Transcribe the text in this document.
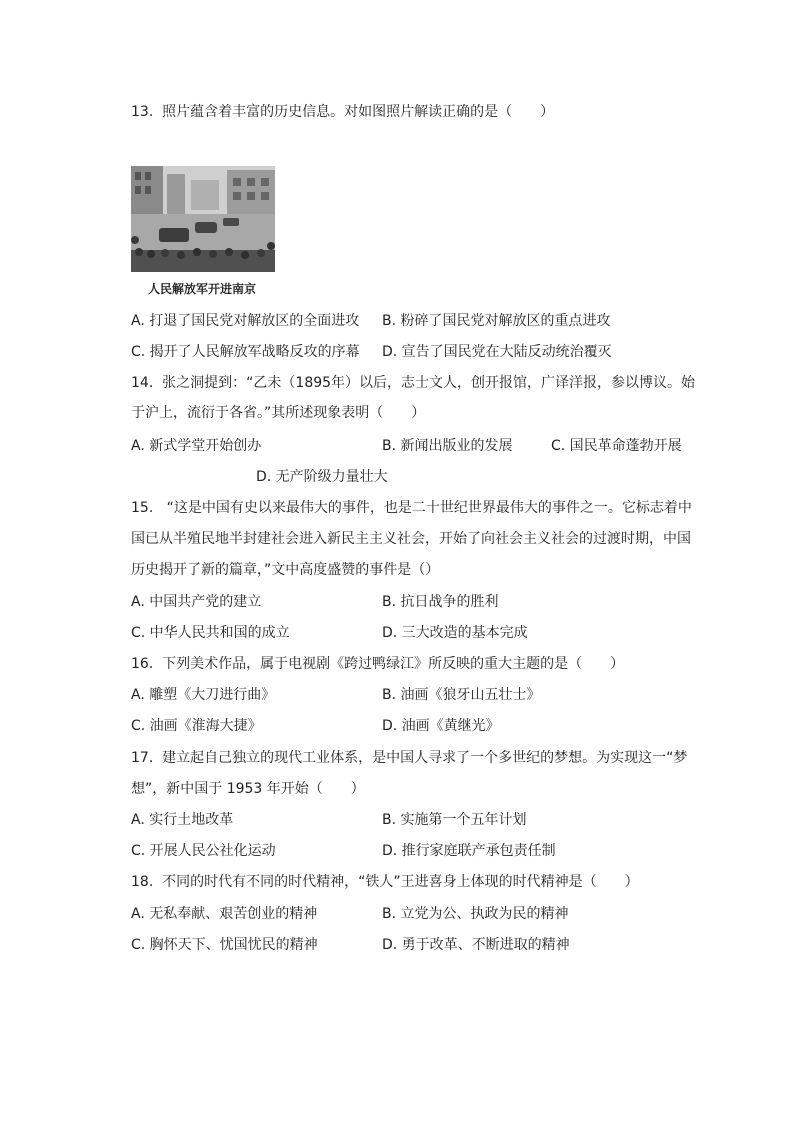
13.  照片蕴含着丰富的历史信息。对如图照片解读正确的是（　　）
人民解放军开进南京
A. 打退了国民党对解放区的全面进攻 B. 粉碎了国民党对解放区的重点进攻
C. 揭开了人民解放军战略反攻的序幕 D. 宣告了国民党在大陆反动统治覆灭
14.  张之洞提到：“乙未（1895年）以后，志士文人，创开报馆，广译洋报，参以博议。始
于沪上，流衍于各省。”其所述现象表明（　　）
A. 新式学堂开始创办	B. 新闻出版业的发展	C. 国民革命蓬勃开展
D. 无产阶级力量壮大
15.   “这是中国有史以来最伟大的事件，也是二十世纪世界最伟大的事件之一。它标志着中
国已从半殖民地半封建社会进入新民主主义社会，开始了向社会主义社会的过渡时期，中国
历史揭开了新的篇章，”文中高度盛赞的事件是（）
A. 中国共产党的建立	B. 抗日战争的胜利
C. 中华人民共和国的成立	D. 三大改造的基本完成
16.  下列美术作品，属于电视剧《跨过鸭绿江》所反映的重大主题的是（　　）
A. 雕塑《大刀进行曲》	B. 油画《狼牙山五壮士》
C. 油画《淮海大捷》	D. 油画《黄继光》
17.  建立起自己独立的现代工业体系，是中国人寻求了一个多世纪的梦想。为实现这一“梦
想”，新中国于 1953 年开始（　　）
A. 实行土地改革	B. 实施第一个五年计划
C. 开展人民公社化运动	D. 推行家庭联产承包责任制
18.  不同的时代有不同的时代精神，“铁人”王进喜身上体现的时代精神是（　　）
A. 无私奉献、艰苦创业的精神	B. 立党为公、执政为民的精神
C. 胸怀天下、忧国忧民的精神	D. 勇于改革、不断进取的精神
